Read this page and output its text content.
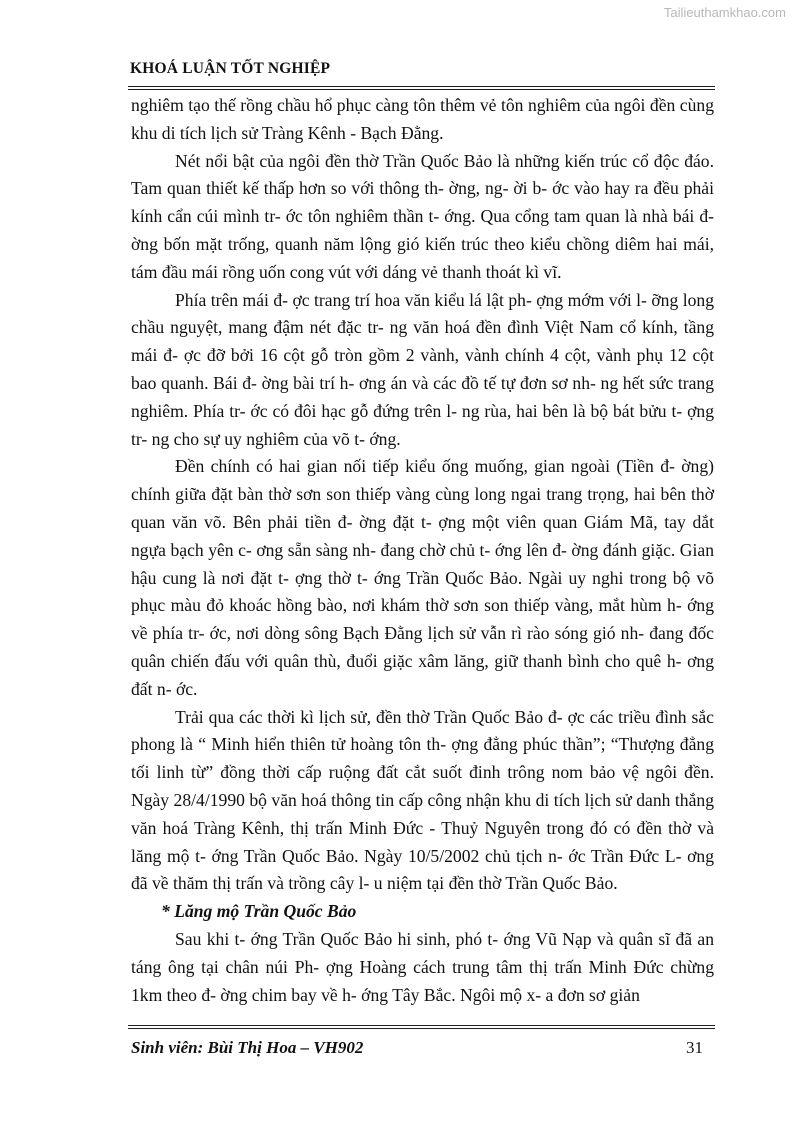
Tailieuthamkhao.com
KHOÁ LUẬN TỐT NGHIỆP

nghiêm tạo thế rồng chầu hổ phục càng tôn thêm vẻ tôn nghiêm của ngôi đền cùng khu di tích lịch sử Tràng Kênh - Bạch Đằng.

Nét nổi bật của ngôi đền thờ Trần Quốc Bảo là những kiến trúc cổ độc đáo. Tam quan thiết kế thấp hơn so với thông th- ờng, ng- ời b- ớc vào hay ra đều phải kính cẩn cúi mình tr- ớc tôn nghiêm thần t- ớng. Qua cổng tam quan là nhà bái đ- ờng bốn mặt trống, quanh năm lộng gió kiến trúc theo kiểu chồng diêm hai mái, tám đầu mái rồng uốn cong vút với dáng vẻ thanh thoát kì vĩ.

Phía trên mái đ- ợc trang trí hoa văn kiểu lá lật ph- ợng mớm với l- ỡng long chầu nguyệt, mang đậm nét đặc tr- ng văn hoá đền đình Việt Nam cổ kính, tầng mái đ- ợc đỡ bởi 16 cột gỗ tròn gồm 2 vành, vành chính 4 cột, vành phụ 12 cột bao quanh. Bái đ- ờng bài trí h- ơng án và các đồ tế tự đơn sơ nh- ng hết sức trang nghiêm. Phía tr- ớc có đôi hạc gỗ đứng trên l- ng rùa, hai bên là bộ bát bửu t- ợng tr- ng cho sự uy nghiêm của võ t- ớng.

Đền chính có hai gian nối tiếp kiểu ống muống, gian ngoài (Tiền đ- ờng) chính giữa đặt bàn thờ sơn son thiếp vàng cùng long ngai trang trọng, hai bên thờ quan văn võ. Bên phải tiền đ- ờng đặt t- ợng một viên quan Giám Mã, tay dắt ngựa bạch yên c- ơng sẵn sàng nh- đang chờ chủ t- ớng lên đ- ờng đánh giặc. Gian hậu cung là nơi đặt t- ợng thờ t- ớng Trần Quốc Bảo. Ngài uy nghi trong bộ võ phục màu đỏ khoác hồng bào, nơi khám thờ sơn son thiếp vàng, mắt hùm h- ớng về phía tr- ớc, nơi dòng sông Bạch Đằng lịch sử vẫn rì rào sóng gió nh- đang đốc quân chiến đấu với quân thù, đuổi giặc xâm lăng, giữ thanh bình cho quê h- ơng đất n- ớc.

Trải qua các thời kì lịch sử, đền thờ Trần Quốc Bảo đ- ợc các triều đình sắc phong là “ Minh hiển thiên tử hoàng tôn th- ợng đẳng phúc thần”; “Thượng đẳng tối linh từ” đồng thời cấp ruộng đất cắt suốt đinh trông nom bảo vệ ngôi đền. Ngày 28/4/1990 bộ văn hoá thông tin cấp công nhận khu di tích lịch sử danh thắng văn hoá Tràng Kênh, thị trấn Minh Đức - Thuỷ Nguyên trong đó có đền thờ và lăng mộ t- ớng Trần Quốc Bảo. Ngày 10/5/2002 chủ tịch n- ớc Trần Đức L- ơng đã về thăm thị trấn và trồng cây l- u niệm tại đền thờ Trần Quốc Bảo.

* Lăng mộ Trần Quốc Bảo

Sau khi t- ớng Trần Quốc Bảo hi sinh, phó t- ớng Vũ Nạp và quân sĩ đã an táng ông tại chân núi Ph- ợng Hoàng cách trung tâm thị trấn Minh Đức chừng 1km theo đ- ờng chim bay về h- ớng Tây Bắc. Ngôi mộ x- a đơn sơ giản

Sinh viên: Bùi Thị Hoa – VH902	31
